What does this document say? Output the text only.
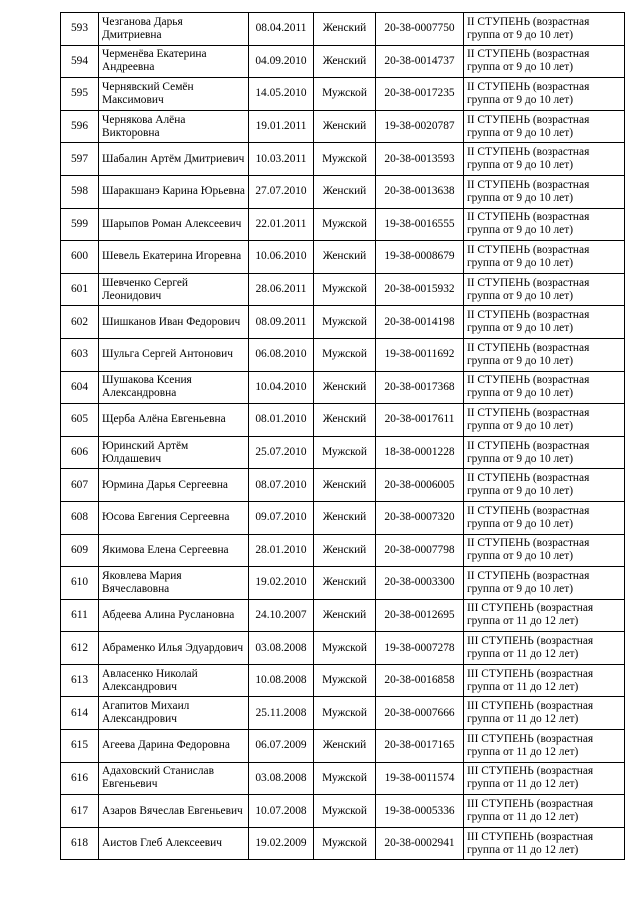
593	Чезганова Дарья Дмитриевна	08.04.2011	Женский	20-38-0007750	II СТУПЕНЬ (возрастная группа от 9 до 10 лет)
594	Черменёва Екатерина Андреевна	04.09.2010	Женский	20-38-0014737	II СТУПЕНЬ (возрастная группа от 9 до 10 лет)
595	Чернявский Семён Максимович	14.05.2010	Мужской	20-38-0017235	II СТУПЕНЬ (возрастная группа от 9 до 10 лет)
596	Чернякова Алёна Викторовна	19.01.2011	Женский	19-38-0020787	II СТУПЕНЬ (возрастная группа от 9 до 10 лет)
597	Шабалин Артём Дмитриевич	10.03.2011	Мужской	20-38-0013593	II СТУПЕНЬ (возрастная группа от 9 до 10 лет)
598	Шаракшанэ Карина Юрьевна	27.07.2010	Женский	20-38-0013638	II СТУПЕНЬ (возрастная группа от 9 до 10 лет)
599	Шарыпов Роман Алексеевич	22.01.2011	Мужской	19-38-0016555	II СТУПЕНЬ (возрастная группа от 9 до 10 лет)
600	Шевель Екатерина Игоревна	10.06.2010	Женский	19-38-0008679	II СТУПЕНЬ (возрастная группа от 9 до 10 лет)
601	Шевченко Сергей Леонидович	28.06.2011	Мужской	20-38-0015932	II СТУПЕНЬ (возрастная группа от 9 до 10 лет)
602	Шишканов Иван Федорович	08.09.2011	Мужской	20-38-0014198	II СТУПЕНЬ (возрастная группа от 9 до 10 лет)
603	Шульга Сергей Антонович	06.08.2010	Мужской	19-38-0011692	II СТУПЕНЬ (возрастная группа от 9 до 10 лет)
604	Шушакова Ксения Александровна	10.04.2010	Женский	20-38-0017368	II СТУПЕНЬ (возрастная группа от 9 до 10 лет)
605	Щерба Алёна Евгеньевна	08.01.2010	Женский	20-38-0017611	II СТУПЕНЬ (возрастная группа от 9 до 10 лет)
606	Юринский Артём Юлдашевич	25.07.2010	Мужской	18-38-0001228	II СТУПЕНЬ (возрастная группа от 9 до 10 лет)
607	Юрмина Дарья Сергеевна	08.07.2010	Женский	20-38-0006005	II СТУПЕНЬ (возрастная группа от 9 до 10 лет)
608	Юсова Евгения Сергеевна	09.07.2010	Женский	20-38-0007320	II СТУПЕНЬ (возрастная группа от 9 до 10 лет)
609	Якимова Елена Сергеевна	28.01.2010	Женский	20-38-0007798	II СТУПЕНЬ (возрастная группа от 9 до 10 лет)
610	Яковлева Мария Вячеславовна	19.02.2010	Женский	20-38-0003300	II СТУПЕНЬ (возрастная группа от 9 до 10 лет)
611	Абдеева Алина Руслановна	24.10.2007	Женский	20-38-0012695	III СТУПЕНЬ (возрастная группа от 11 до 12 лет)
612	Абраменко Илья Эдуардович	03.08.2008	Мужской	19-38-0007278	III СТУПЕНЬ (возрастная группа от 11 до 12 лет)
613	Авласенко Николай Александрович	10.08.2008	Мужской	20-38-0016858	III СТУПЕНЬ (возрастная группа от 11 до 12 лет)
614	Агапитов Михаил Александрович	25.11.2008	Мужской	20-38-0007666	III СТУПЕНЬ (возрастная группа от 11 до 12 лет)
615	Агеева Дарина Федоровна	06.07.2009	Женский	20-38-0017165	III СТУПЕНЬ (возрастная группа от 11 до 12 лет)
616	Адаховский Станислав Евгеньевич	03.08.2008	Мужской	19-38-0011574	III СТУПЕНЬ (возрастная группа от 11 до 12 лет)
617	Азаров Вячеслав Евгеньевич	10.07.2008	Мужской	19-38-0005336	III СТУПЕНЬ (возрастная группа от 11 до 12 лет)
618	Аистов Глеб Алексеевич	19.02.2009	Мужской	20-38-0002941	III СТУПЕНЬ (возрастная группа от 11 до 12 лет)
